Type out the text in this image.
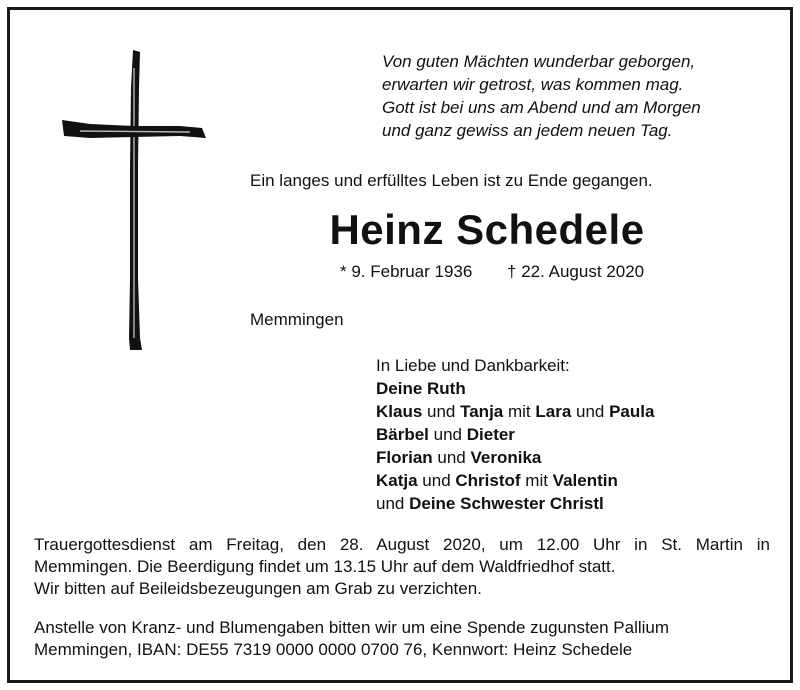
Von guten Mächten wunderbar geborgen,
erwarten wir getrost, was kommen mag.
Gott ist bei uns am Abend und am Morgen
und ganz gewiss an jedem neuen Tag.
Ein langes und erfülltes Leben ist zu Ende gegangen.
Heinz Schedele
* 9. Februar 1936 † 22. August 2020
Memmingen
In Liebe und Dankbarkeit:
Deine Ruth
Klaus und Tanja mit Lara und Paula
Bärbel und Dieter
Florian und Veronika
Katja und Christof mit Valentin
und Deine Schwester Christl
Trauergottesdienst am Freitag, den 28. August 2020, um 12.00 Uhr in St. Martin in
Memmingen. Die Beerdigung findet um 13.15 Uhr auf dem Waldfriedhof statt.
Wir bitten auf Beileidsbezeugungen am Grab zu verzichten.
Anstelle von Kranz- und Blumengaben bitten wir um eine Spende zugunsten Pallium
Memmingen, IBAN: DE55 7319 0000 0000 0700 76, Kennwort: Heinz Schedele
